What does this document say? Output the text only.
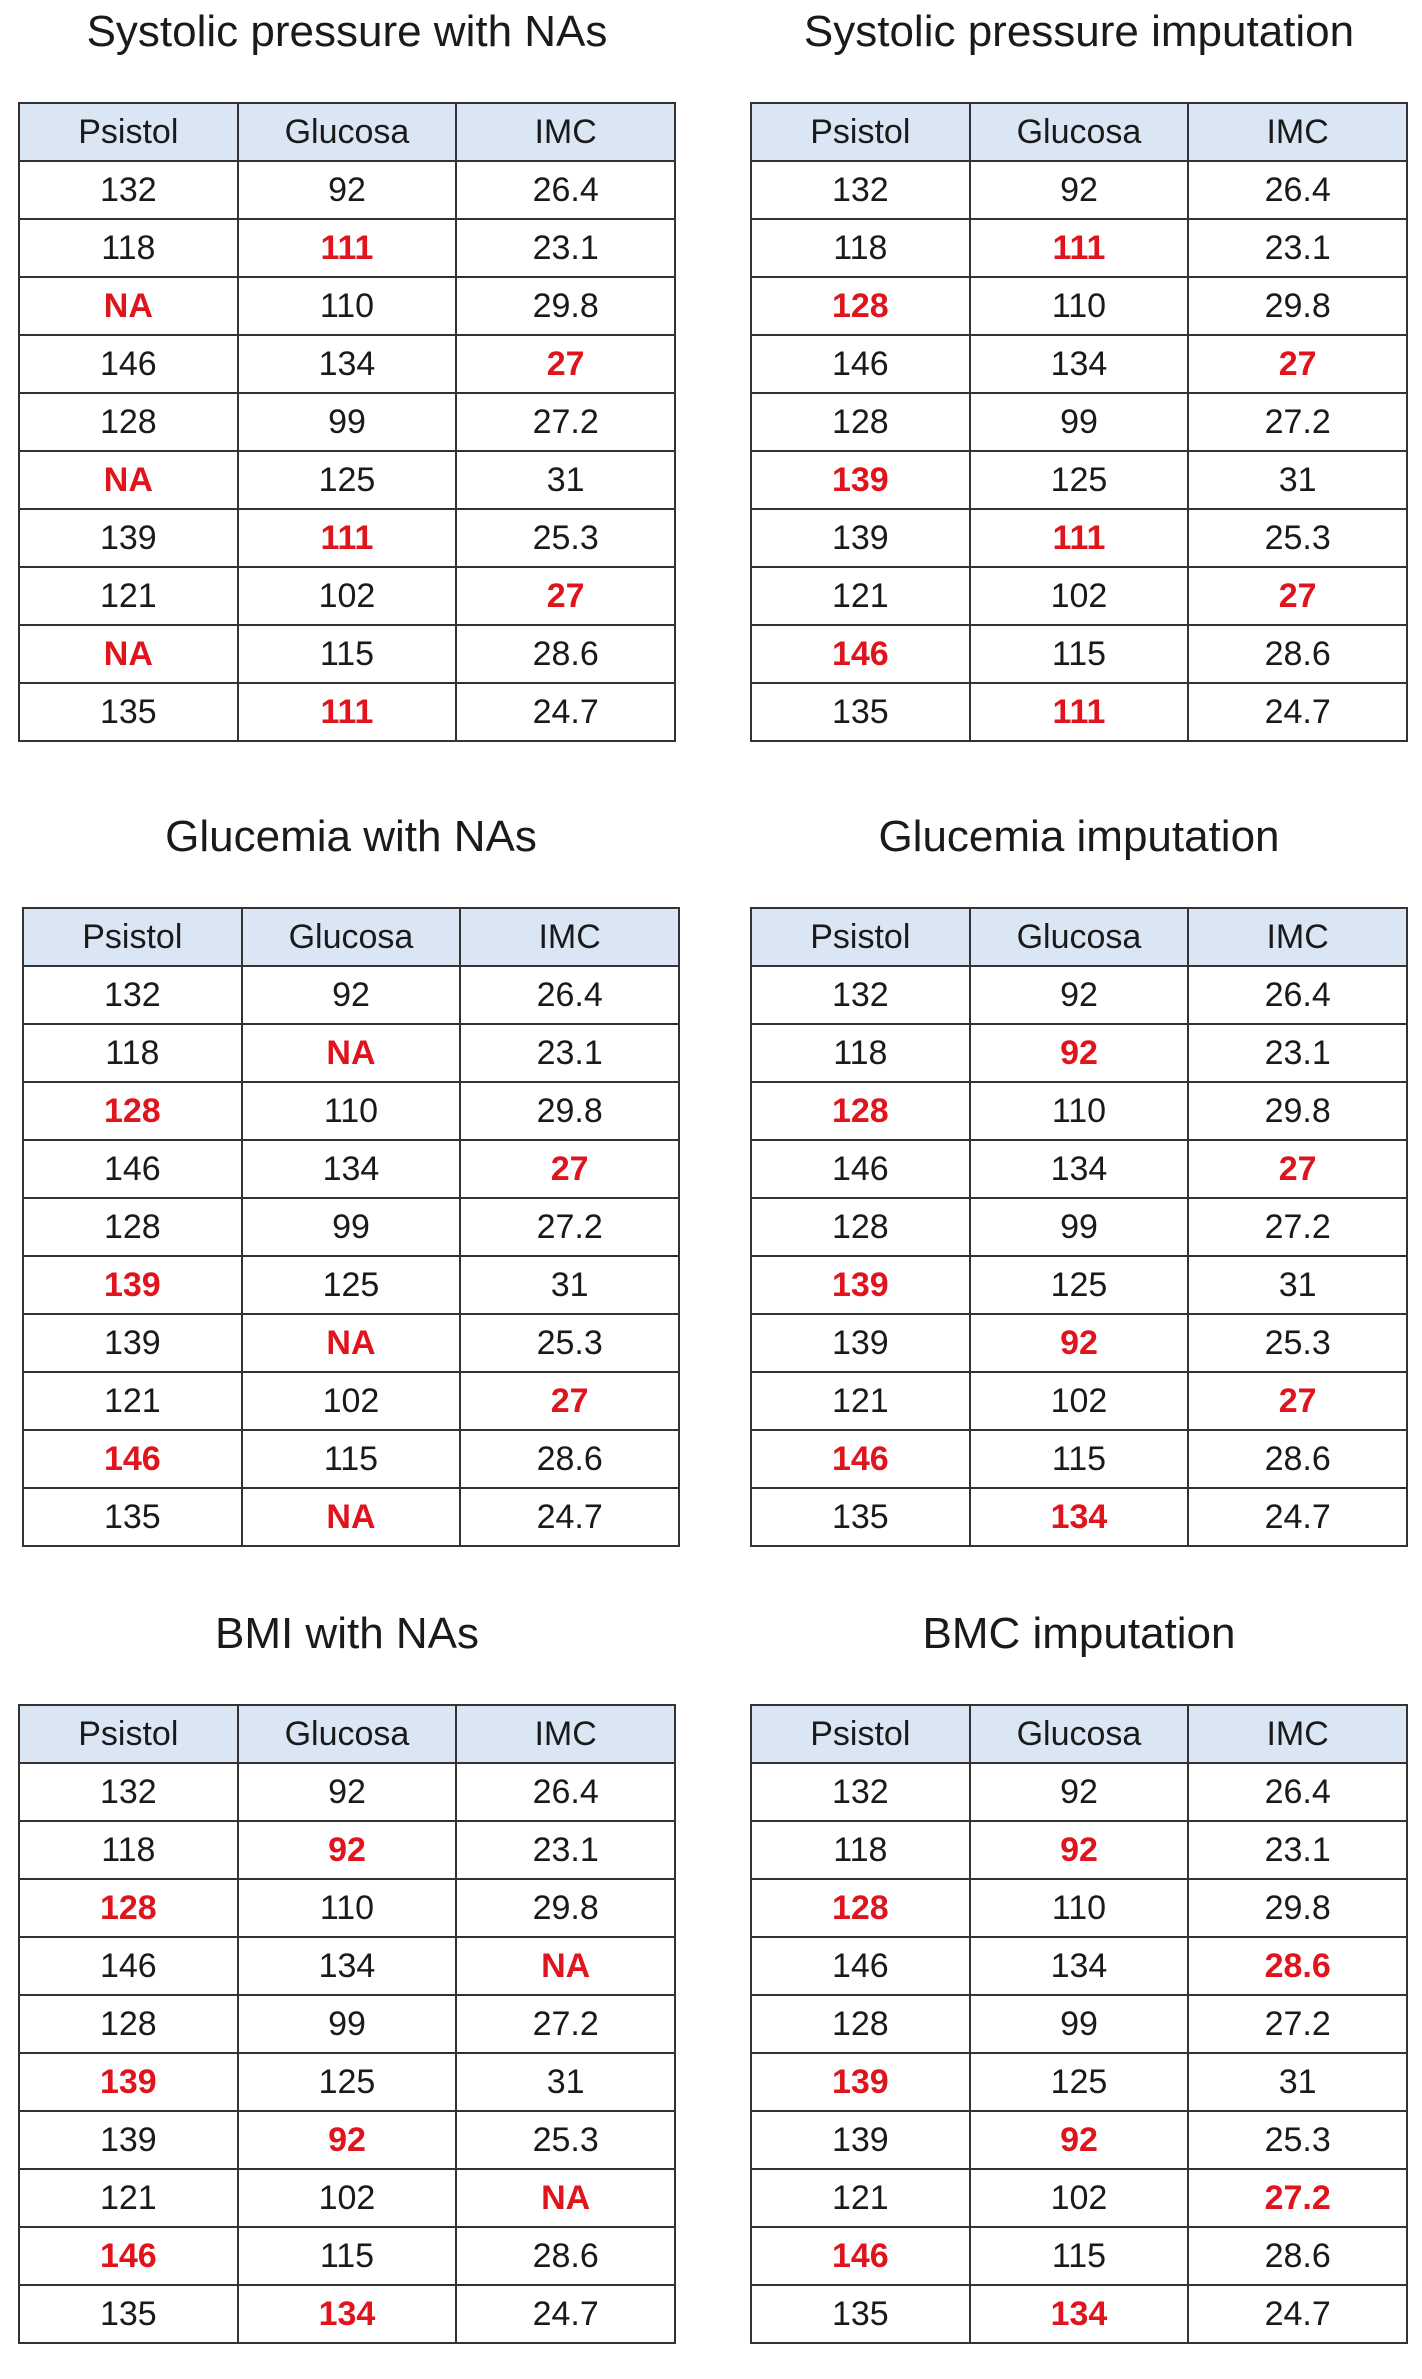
Systolic pressure with NAs
Psistol	Glucosa	IMC
132	92	26.4
118	111	23.1
NA	110	29.8
146	134	27
128	99	27.2
NA	125	31
139	111	25.3
121	102	27
NA	115	28.6
135	111	24.7
Systolic pressure imputation
Psistol	Glucosa	IMC
132	92	26.4
118	111	23.1
128	110	29.8
146	134	27
128	99	27.2
139	125	31
139	111	25.3
121	102	27
146	115	28.6
135	111	24.7
Glucemia with NAs
Psistol	Glucosa	IMC
132	92	26.4
118	NA	23.1
128	110	29.8
146	134	27
128	99	27.2
139	125	31
139	NA	25.3
121	102	27
146	115	28.6
135	NA	24.7
Glucemia imputation
Psistol	Glucosa	IMC
132	92	26.4
118	92	23.1
128	110	29.8
146	134	27
128	99	27.2
139	125	31
139	92	25.3
121	102	27
146	115	28.6
135	134	24.7
BMI with NAs
Psistol	Glucosa	IMC
132	92	26.4
118	92	23.1
128	110	29.8
146	134	NA
128	99	27.2
139	125	31
139	92	25.3
121	102	NA
146	115	28.6
135	134	24.7
BMC imputation
Psistol	Glucosa	IMC
132	92	26.4
118	92	23.1
128	110	29.8
146	134	28.6
128	99	27.2
139	125	31
139	92	25.3
121	102	27.2
146	115	28.6
135	134	24.7
